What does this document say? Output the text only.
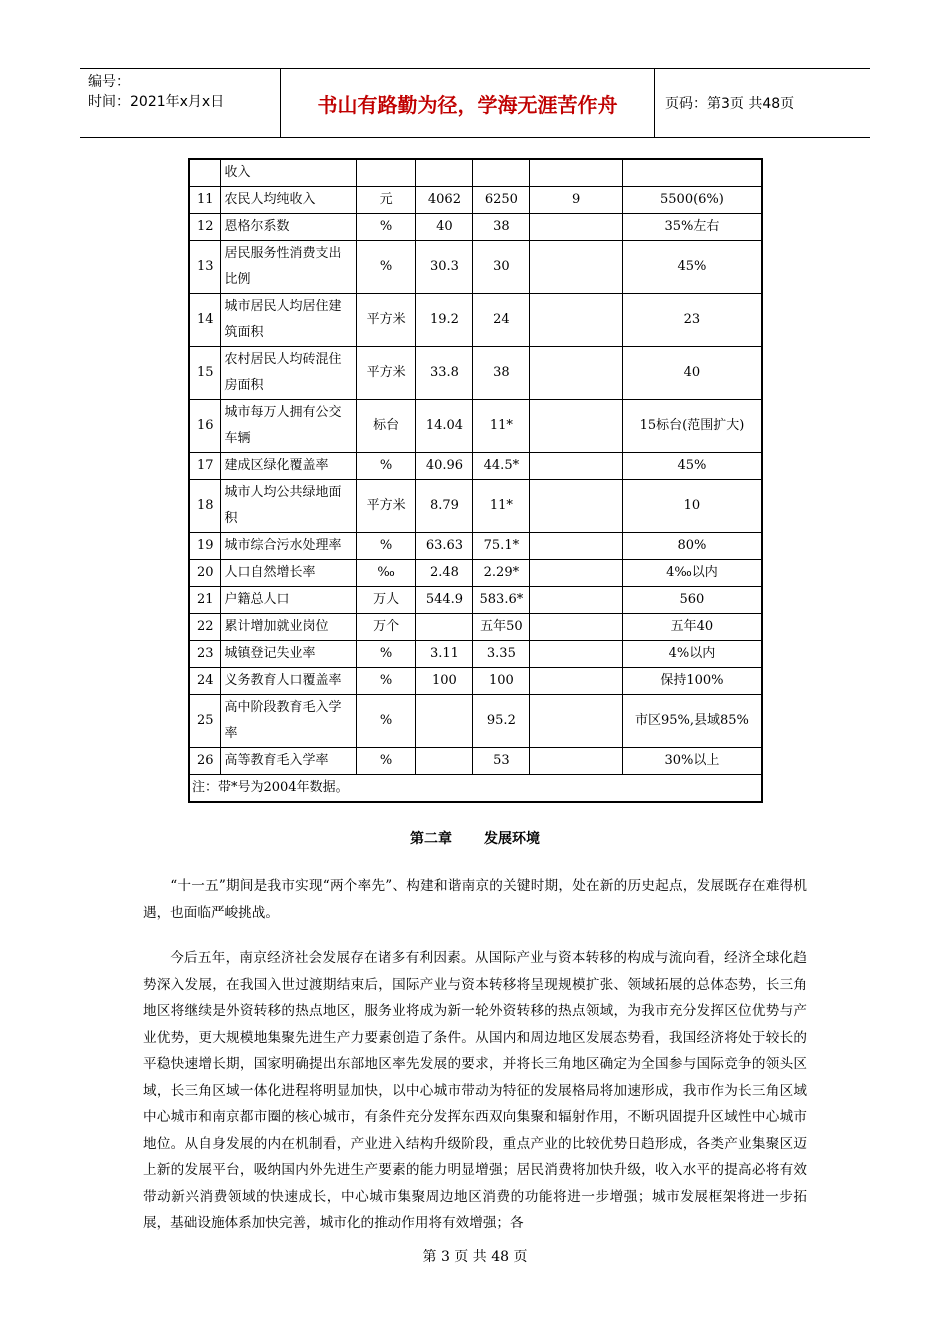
编号：
时间：2021年x月x日	书山有路勤为径，学海无涯苦作舟	页码：第3页 共48页
	收入					
11	农民人均纯收入	元	4062	6250	9	5500(6%)
12	恩格尔系数	%	40	38		35%左右
13	居民服务性消费支出比例	%	30.3	30		45%
14	城市居民人均居住建筑面积	平方米	19.2	24		23
15	农村居民人均砖混住房面积	平方米	33.8	38		40
16	城市每万人拥有公交车辆	标台	14.04	11*		15标台(范围扩大)
17	建成区绿化覆盖率	%	40.96	44.5*		45%
18	城市人均公共绿地面积	平方米	8.79	11*		10
19	城市综合污水处理率	%	63.63	75.1*		80%
20	人口自然增长率	‰	2.48	2.29*		4‰以内
21	户籍总人口	万人	544.9	583.6*		560
22	累计增加就业岗位	万个		五年50		五年40
23	城镇登记失业率	%	3.11	3.35		4%以内
24	义务教育人口覆盖率	%	100	100		保持100%
25	高中阶段教育毛入学率	%		95.2		市区95%,县域85%
26	高等教育毛入学率	%		53		30%以上
注：带*号为2004年数据。						
第二章 发展环境

“十一五”期间是我市实现“两个率先”、构建和谐南京的关键时期，处在新的历史起点，发展既存在难得机遇，也面临严峻挑战。

今后五年，南京经济社会发展存在诸多有利因素。从国际产业与资本转移的构成与流向看，经济全球化趋势深入发展，在我国入世过渡期结束后，国际产业与资本转移将呈现规模扩张、领域拓展的总体态势，长三角地区将继续是外资转移的热点地区，服务业将成为新一轮外资转移的热点领域，为我市充分发挥区位优势与产业优势，更大规模地集聚先进生产力要素创造了条件。从国内和周边地区发展态势看，我国经济将处于较长的平稳快速增长期，国家明确提出东部地区率先发展的要求，并将长三角地区确定为全国参与国际竞争的领头区域，长三角区域一体化进程将明显加快，以中心城市带动为特征的发展格局将加速形成，我市作为长三角区域中心城市和南京都市圈的核心城市，有条件充分发挥东西双向集聚和辐射作用，不断巩固提升区域性中心城市地位。从自身发展的内在机制看，产业进入结构升级阶段，重点产业的比较优势日趋形成，各类产业集聚区迈上新的发展平台，吸纳国内外先进生产要素的能力明显增强；居民消费将加快升级，收入水平的提高必将有效带动新兴消费领域的快速成长，中心城市集聚周边地区消费的功能将进一步增强；城市发展框架将进一步拓展，基础设施体系加快完善，城市化的推动作用将有效增强；各

第 3 页 共 48 页
